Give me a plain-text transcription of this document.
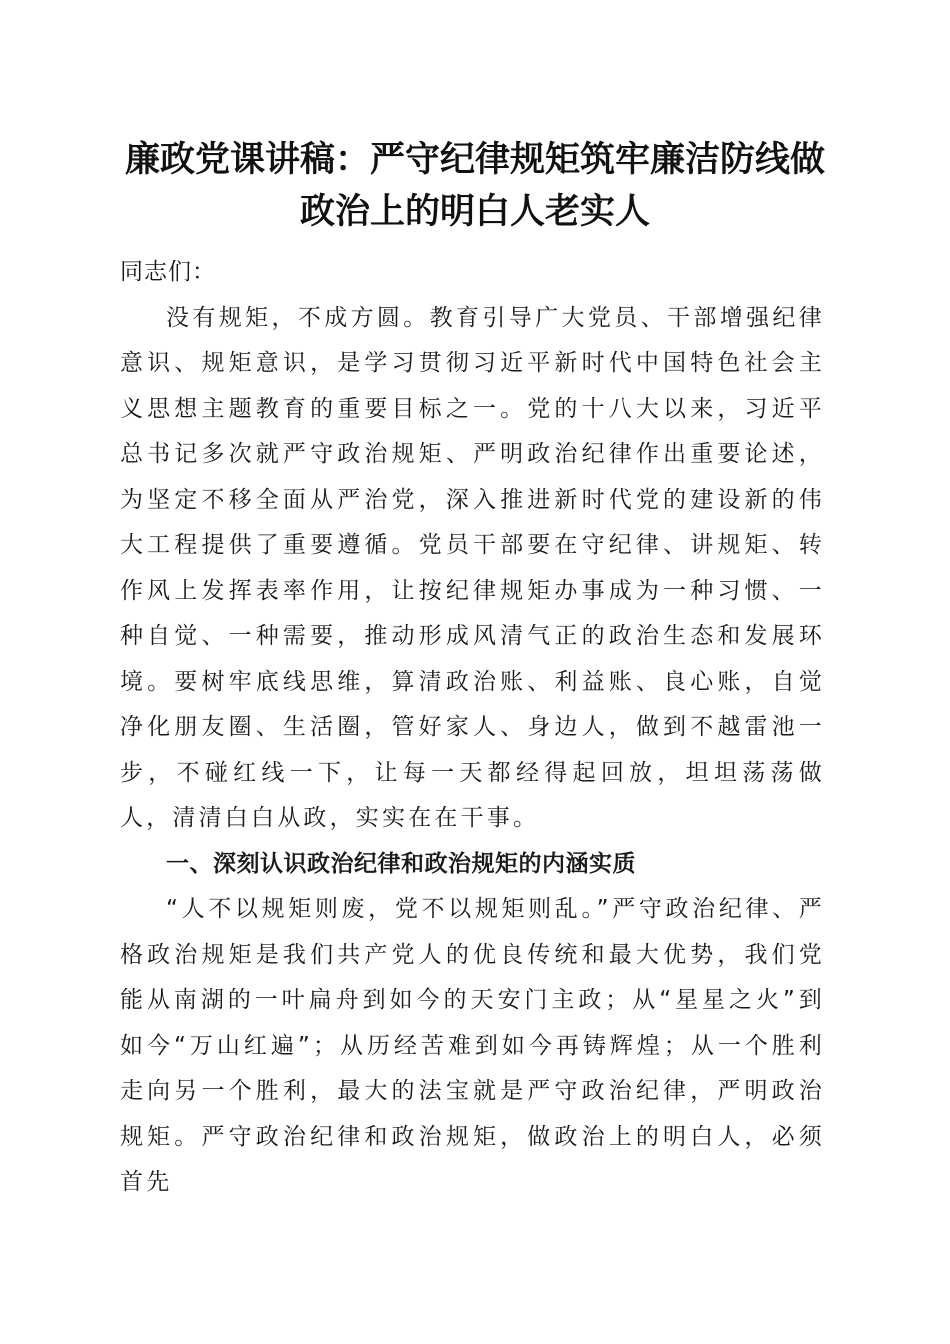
廉政党课讲稿：严守纪律规矩筑牢廉洁防线做
政治上的明白人老实人

同志们：

没有规矩，不成方圆。教育引导广大党员、干部增强纪律意识、规矩意识，是学习贯彻习近平新时代中国特色社会主义思想主题教育的重要目标之一。党的十八大以来，习近平总书记多次就严守政治规矩、严明政治纪律作出重要论述，为坚定不移全面从严治党，深入推进新时代党的建设新的伟大工程提供了重要遵循。党员干部要在守纪律、讲规矩、转作风上发挥表率作用，让按纪律规矩办事成为一种习惯、一种自觉、一种需要，推动形成风清气正的政治生态和发展环境。要树牢底线思维，算清政治账、利益账、良心账，自觉净化朋友圈、生活圈，管好家人、身边人，做到不越雷池一步，不碰红线一下，让每一天都经得起回放，坦坦荡荡做人，清清白白从政，实实在在干事。

一、深刻认识政治纪律和政治规矩的内涵实质

“人不以规矩则废，党不以规矩则乱。”严守政治纪律、严格政治规矩是我们共产党人的优良传统和最大优势，我们党能从南湖的一叶扁舟到如今的天安门主政；从“星星之火”到如今“万山红遍”；从历经苦难到如今再铸辉煌；从一个胜利走向另一个胜利，最大的法宝就是严守政治纪律，严明政治规矩。严守政治纪律和政治规矩，做政治上的明白人，必须首先
